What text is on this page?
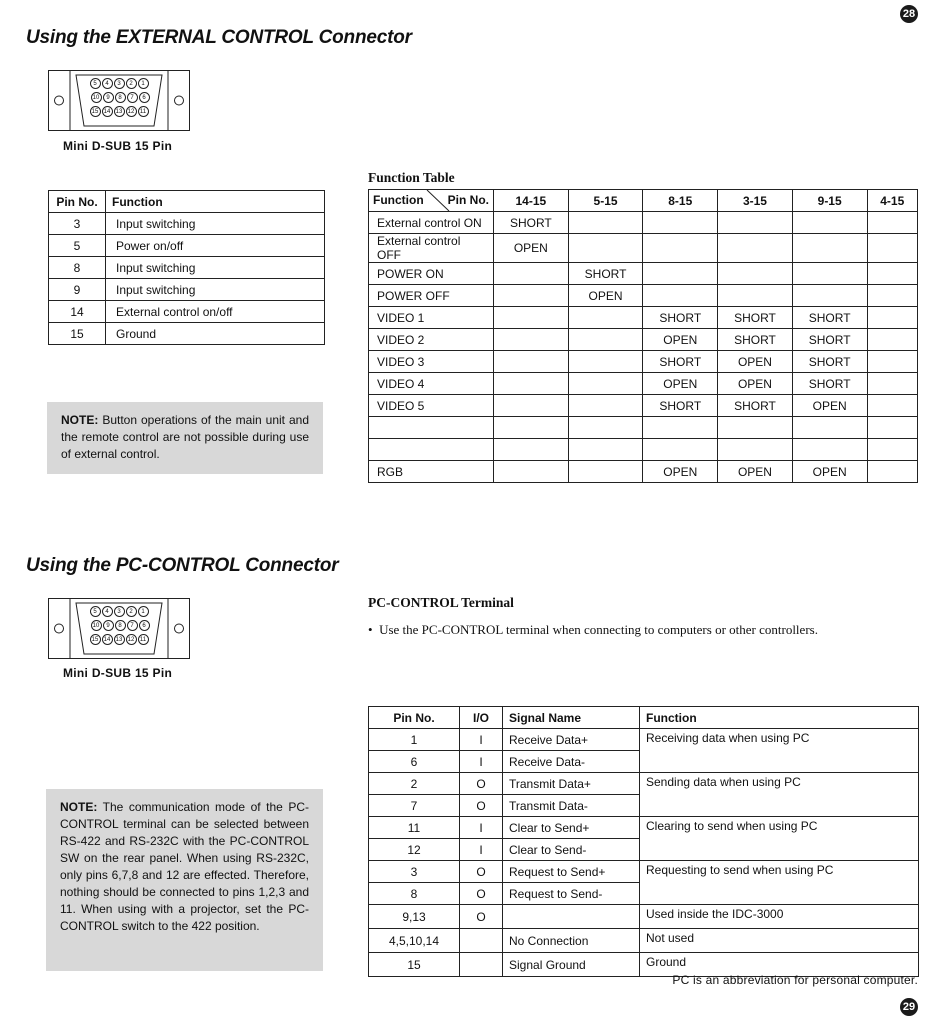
28
29
Using the EXTERNAL CONTROL Connector
5	4	3	2	1
10	9	8	7	6
15 14 13 12 11
Mini D-SUB 15 Pin
Pin No.	Function
3	Input switching
5	Power on/off
8	Input switching
9	Input switching
14	External control on/off
15	Ground
NOTE: Button operations of the main unit and the remote control are not possible during use of external control.
Function Table
Function Pin No.	14-15	5-15	8-15	3-15	9-15	4-15
External control ON	SHORT					
External control OFF	OPEN					
POWER ON		SHORT				
POWER OFF		OPEN				
VIDEO 1			SHORT	SHORT	SHORT	
VIDEO 2			OPEN	SHORT	SHORT	
VIDEO 3			SHORT	OPEN	SHORT	
VIDEO 4			OPEN	OPEN	SHORT	
VIDEO 5			SHORT	SHORT	OPEN	

RGB			OPEN	OPEN	OPEN	
Using the PC-CONTROL Connector
5	4	3	2	1
10	9	8	7	6
15 14 13 12 11
Mini D-SUB 15 Pin
PC-CONTROL Terminal
•  Use the PC-CONTROL terminal when connecting to computers or other controllers.
NOTE: The communication mode of the PC-CONTROL terminal can be selected between RS-422 and RS-232C with the PC-CONTROL SW on the rear panel. When using RS-232C, only pins 6,7,8 and 12 are effected. Therefore, nothing should be connected to pins 1,2,3 and 11. When using with a projector, set the PC-CONTROL switch to the 422 position.
Pin No.	I/O	Signal Name	Function
1	I	Receive Data+	Receiving data when using PC
6	I	Receive Data-	
2	O	Transmit Data+	Sending data when using PC
7	O	Transmit Data-	
11	I	Clear to Send+	Clearing to send when using PC
12	I	Clear to Send-	
3	O	Request to Send+	Requesting to send when using PC
8	O	Request to Send-	
9,13	O		Used inside the IDC-3000
4,5,10,14		No Connection	Not used
15		Signal Ground	Ground
PC is an abbreviation for personal computer.
